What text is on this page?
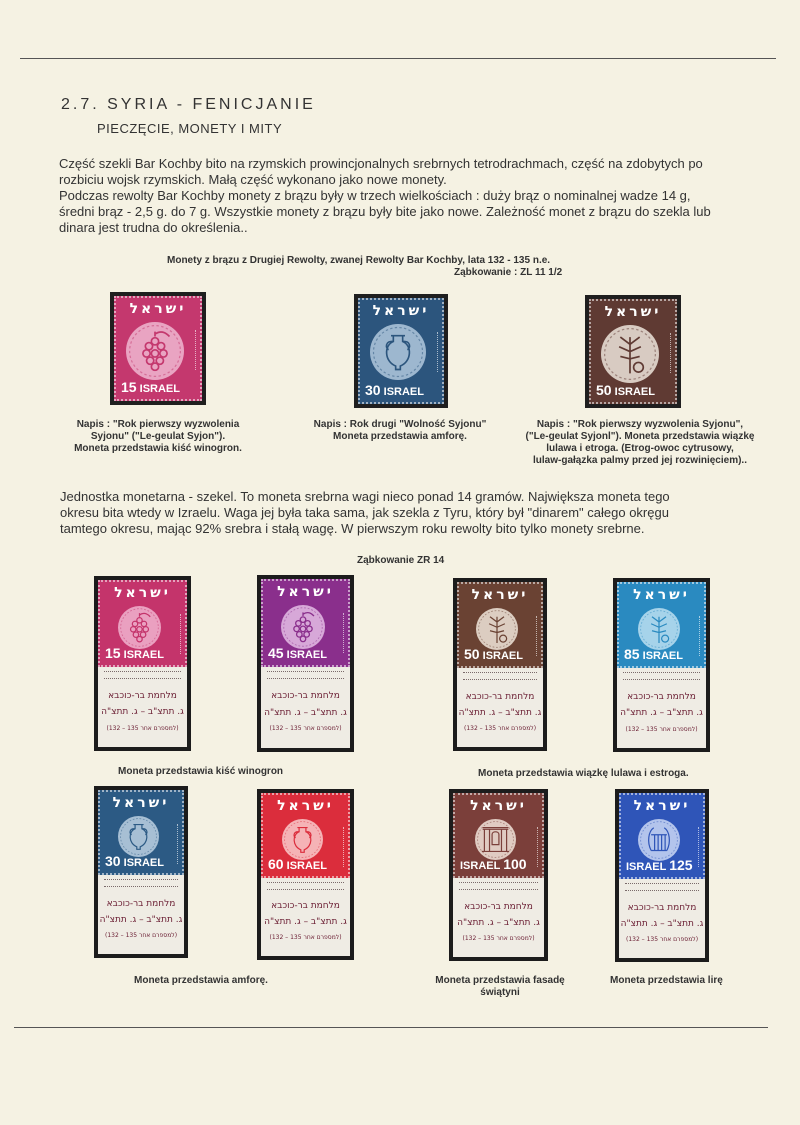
2.7. SYRIA - FENICJANIE
PIECZĘCIE, MONETY I MITY
Część szekli Bar Kochby bito na rzymskich prowincjonalnych srebrnych tetrodrachmach, część na zdobytych po
rozbiciu wojsk rzymskich. Małą część wykonano jako nowe monety.
Podczas rewolty Bar Kochby monety z brązu były w trzech wielkościach : duży brąz o nominalnej wadze 14 g,
średni brąz - 2,5 g. do 7 g. Wszystkie monety z brązu były bite jako nowe. Zależność monet z brązu do szekla lub
dinara jest trudna do określenia..
Monety z brązu z Drugiej Rewolty, zwanej Rewolty Bar Kochby, lata 132 - 135 n.e.
Ząbkowanie : ZL 11 1/2
ישראל
15 ISRAEL
ישראל
30 ISRAEL
ישראל
50 ISRAEL
ישראל
15 ISRAEL
מלחמת בר-כוכבא
ג. תתצ"ב – ג. תתצ"ה
(למספרם אחר 135 – 132)
ישראל
45 ISRAEL
מלחמת בר-כוכבא
ג. תתצ"ב – ג. תתצ"ה
(למספרם אחר 135 – 132)
ישראל
50 ISRAEL
מלחמת בר-כוכבא
ג. תתצ"ב – ג. תתצ"ה
(למספרם אחר 135 – 132)
ישראל
85 ISRAEL
מלחמת בר-כוכבא
ג. תתצ"ב – ג. תתצ"ה
(למספרם אחר 135 – 132)
ישראל
30 ISRAEL
מלחמת בר-כוכבא
ג. תתצ"ב – ג. תתצ"ה
(למספרם אחר 135 – 132)
ישראל
60 ISRAEL
מלחמת בר-כוכבא
ג. תתצ"ב – ג. תתצ"ה
(למספרם אחר 135 – 132)
ישראל
ISRAEL 100
מלחמת בר-כוכבא
ג. תתצ"ב – ג. תתצ"ה
(למספרם אחר 135 – 132)
ישראל
ISRAEL 125
מלחמת בר-כוכבא
ג. תתצ"ב – ג. תתצ"ה
(למספרם אחר 135 – 132)
Napis : "Rok pierwszy wyzwolenia
Syjonu" ("Le-geulat Syjon").
Moneta przedstawia kiść winogron.
Napis : Rok drugi "Wolność Syjonu"
Moneta przedstawia amforę.
Napis : "Rok pierwszy wyzwolenia Syjonu",
("Le-geulat Syjonl"). Moneta przedstawia wiązkę
lulawa i etroga. (Etrog-owoc cytrusowy,
lulaw-gałązka palmy przed jej rozwinięciem)..
Jednostka monetarna - szekel. To moneta srebrna wagi nieco ponad 14 gramów. Największa moneta tego
okresu bita wtedy w Izraelu. Waga jej była taka sama, jak szekla z Tyru, który był "dinarem" całego okręgu
tamtego okresu, mając 92% srebra i stałą wagę. W pierwszym roku rewolty bito tylko monety srebrne.
Ząbkowanie ZR 14
Moneta przedstawia kiść winogron	Moneta przedstawia wiązkę lulawa i estroga.
Moneta przedstawia amforę.	Moneta przedstawia fasadę
świątyni
Moneta przedstawia lirę
